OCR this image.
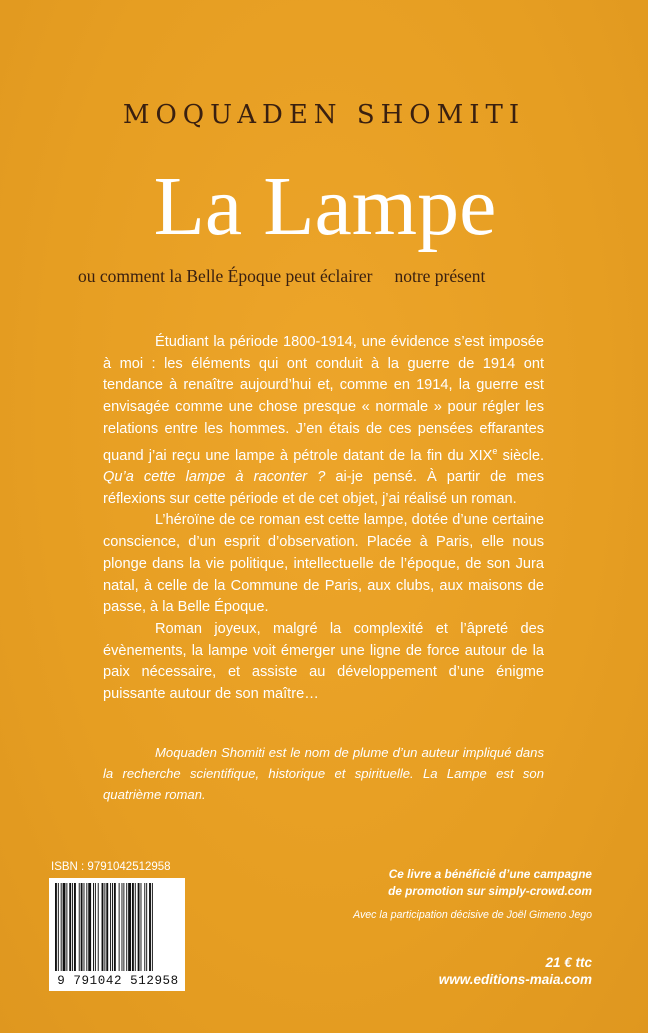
MOQUADEN SHOMITI
La Lampe
ou comment la Belle Époque peut éclairer notre présent

Étudiant la période 1800-1914, une évidence s’est imposée à moi : les éléments qui ont conduit à la guerre de 1914 ont tendance à renaître aujourd’hui et, comme en 1914, la guerre est envisagée comme une chose presque « normale » pour régler les relations entre les hommes. J’en étais de ces pensées effarantes quand j’ai reçu une lampe à pétrole datant de la fin du XIXe siècle. Qu’a cette lampe à raconter ? ai-je pensé. À partir de mes réflexions sur cette période et de cet objet, j’ai réalisé un roman.

L’héroïne de ce roman est cette lampe, dotée d’une certaine conscience, d’un esprit d’observation. Placée à Paris, elle nous plonge dans la vie politique, intellectuelle de l’époque, de son Jura natal, à celle de la Commune de Paris, aux clubs, aux maisons de passe, à la Belle Époque.

Roman joyeux, malgré la complexité et l’âpreté des évènements, la lampe voit émerger une ligne de force autour de la paix nécessaire, et assiste au développement d’une énigme puissante autour de son maître…

Moquaden Shomiti est le nom de plume d’un auteur impliqué dans la recherche scientifique, historique et spirituelle. La Lampe est son quatrième roman.
ISBN : 9791042512958
9 791042 512958
Ce livre a bénéficié d’une campagne
de promotion sur simply-crowd.com
Avec la participation décisive de Joël Gimeno Jego
21 € ttc
www.editions-maia.com
